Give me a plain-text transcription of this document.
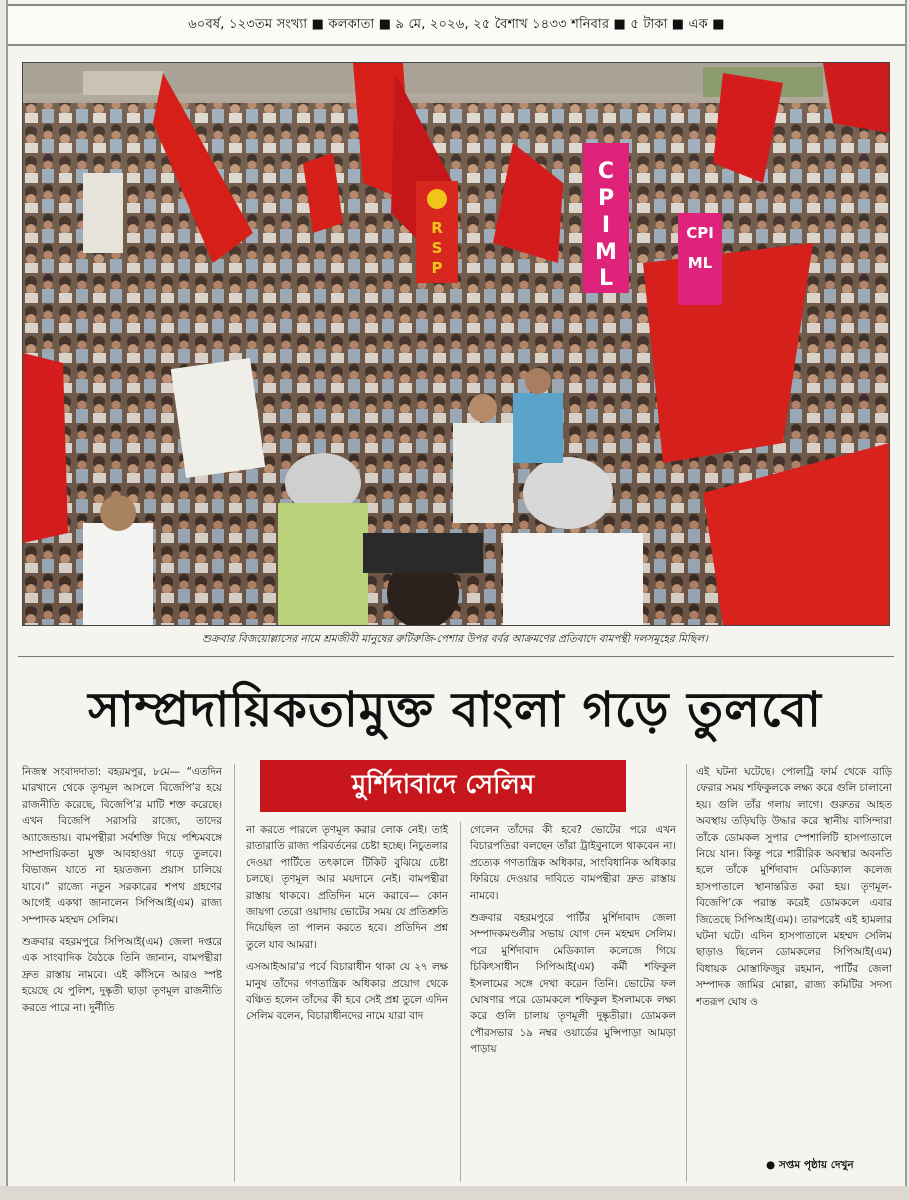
৬০বর্ষ, ১২৩তম সংখ্যা ■ কলকাতা ■ ৯ মে, ২০২৬, ২৫ বৈশাখ ১৪৩৩ শনিবার ■ ৫ টাকা ■ এক ■
C
P
I
M
L
CPI
ML
R
S
P
শুক্রবার বিজয়োল্লাসের নামে শ্রমজীবী মানুষের রুটিরুজি-পেশার উপর বর্বর আক্রমণের প্রতিবাদে বামপন্থী দলসমূহের মিছিল।
সাম্প্রদায়িকতামুক্ত বাংলা গড়ে তুলবো
মুর্শিদাবাদে সেলিম

নিজস্ব সংবাদদাতা: বহরমপুর, ৮মে— “এতদিন মারখানে থেকে তৃণমূল আসলে বিজেপি’র হয়ে রাজনীতি করেছে, বিজেপি’র মাটি শক্ত করেছে। এখন বিজেপি সরাসরি রাজ্যে, তাদের অ্যাজেন্ডায়। বামপন্থীরা সর্বশক্তি দিয়ে পশ্চিমবঙ্গে সাম্প্রদায়িকতা মুক্ত আবহাওয়া গড়ে তুলবে। বিভাজন যাতে না হয়তজন্য প্রয়াস চালিয়ে যাবে।” রাজ্যে নতুন সরকারের শপথ গ্রহণের আগেই একথা জানালেন সিপিআই(এম) রাজ্য সম্পাদক মহম্মদ সেলিম।

শুক্রবার বহরমপুরে সিপিআই(এম) জেলা দপ্তরে এক সাংবাদিক বৈঠকে তিনি জানান, বামপন্থীরা দ্রুত রাস্তায় নামবে। এই কাঁসিনে আরও স্পষ্ট হয়েছে যে পুলিশ, দুষ্কৃতী ছাড়া তৃণমূল রাজনীতি করতে পারে না। দুর্নীতি

না করতে পারলে তৃণমূল করার লোক নেই। তাই রাতারাতি রাজ্য পরিবর্তনের চেষ্টা হচ্ছে। নিচুতলার দেওয়া পার্টিতে তৎকালে টিকিট বুঝিয়ে চেষ্টা চলছে। তৃণমূল আর ময়দানে নেই। বামপন্থীরা রাস্তায় থাকবে। প্রতিদিন মনে করাবে— কোন জায়গা তেরো ওয়াদায় ভোটের সময় যে প্রতিশ্রুতি দিয়েছিল তা পালন করতে হবে। প্রতিদিন প্রশ্ন তুলে যাব আমরা।

এসআইআর’র পর্বে বিচারাধীন থাকা যে ২৭ লক্ষ মানুষ তাঁদের গণতান্ত্রিক অধিকার প্রয়োগ থেকে বঞ্চিত হলেন তাঁদের কী হবে সেই প্রশ্ন তুলে এদিন সেলিম বলেন, বিচারাধীনদের নামে যারা বাদ

গেলেন তাঁদের কী হবে? ভোটের পরে এখন বিচারপতিরা বলছেন তাঁরা ট্রাইবুনালে থাকবেন না। প্রত্যেক গণতান্ত্রিক অধিকার, সাংবিধানিক অধিকার ফিরিয়ে দেওয়ার দাবিতে বামপন্থীরা দ্রুত রাস্তায় নামবে।

শুক্রবার বহরমপুরে পার্টির মুর্শিদাবাদ জেলা সম্পাদকমণ্ডলীর সভায় যোগ দেন মহম্মদ সেলিম। পরে মুর্শিদাবাদ মেডিক্যাল কলেজে গিয়ে চিকিৎসাধীন সিপিআই(এম) কর্মী শফিকুল ইসলামের সঙ্গে দেখা করেন তিনি। ভোটের ফল ঘোষণার পরে ডোমকলে শফিকুল ইসলামকে লক্ষ্য করে গুলি চালায় তৃণমূলী দুষ্কৃতীরা। ডোমকল পৌরসভার ১৯ নম্বর ওয়ার্ডের মুন্সিপাড়া আমড়া পাড়ায়

এই ঘটনা ঘটেছে। পোলট্রি ফার্ম থেকে বাড়ি ফেরার সময় শফিকুলকে লক্ষ্য করে গুলি চালানো হয়। গুলি তাঁর গলায় লাগে। গুরুতর আহত অবস্থায় তড়িঘড়ি উদ্ধার করে স্থানীয় বাসিন্দারা তাঁকে ডোমকল সুপার স্পেশালিটি হাসপাতালে নিয়ে যান। কিন্তু পরে শারীরিক অবস্থার অবনতি হলে তাঁকে মুর্শিদাবাদ মেডিক্যাল কলেজ হাসপাতালে স্থানান্তরিত করা হয়। তৃণমূল-বিজেপি’কে পরাস্ত করেই ডোমকলে এবার জিতেছে সিপিআই(এম)। তারপরেই এই হামলার ঘটনা ঘটে। এদিন হাসপাতালে মহম্মদ সেলিম ছাড়াও ছিলেন ডোমকলের সিপিআই(এম) বিধায়ক মোস্তাফিজুর রহমান, পার্টির জেলা সম্পাদক জামির মোল্লা, রাজ্য কমিটির সদস্য শতরূপ ঘোষ ও

● সপ্তম পৃষ্ঠায় দেখুন
